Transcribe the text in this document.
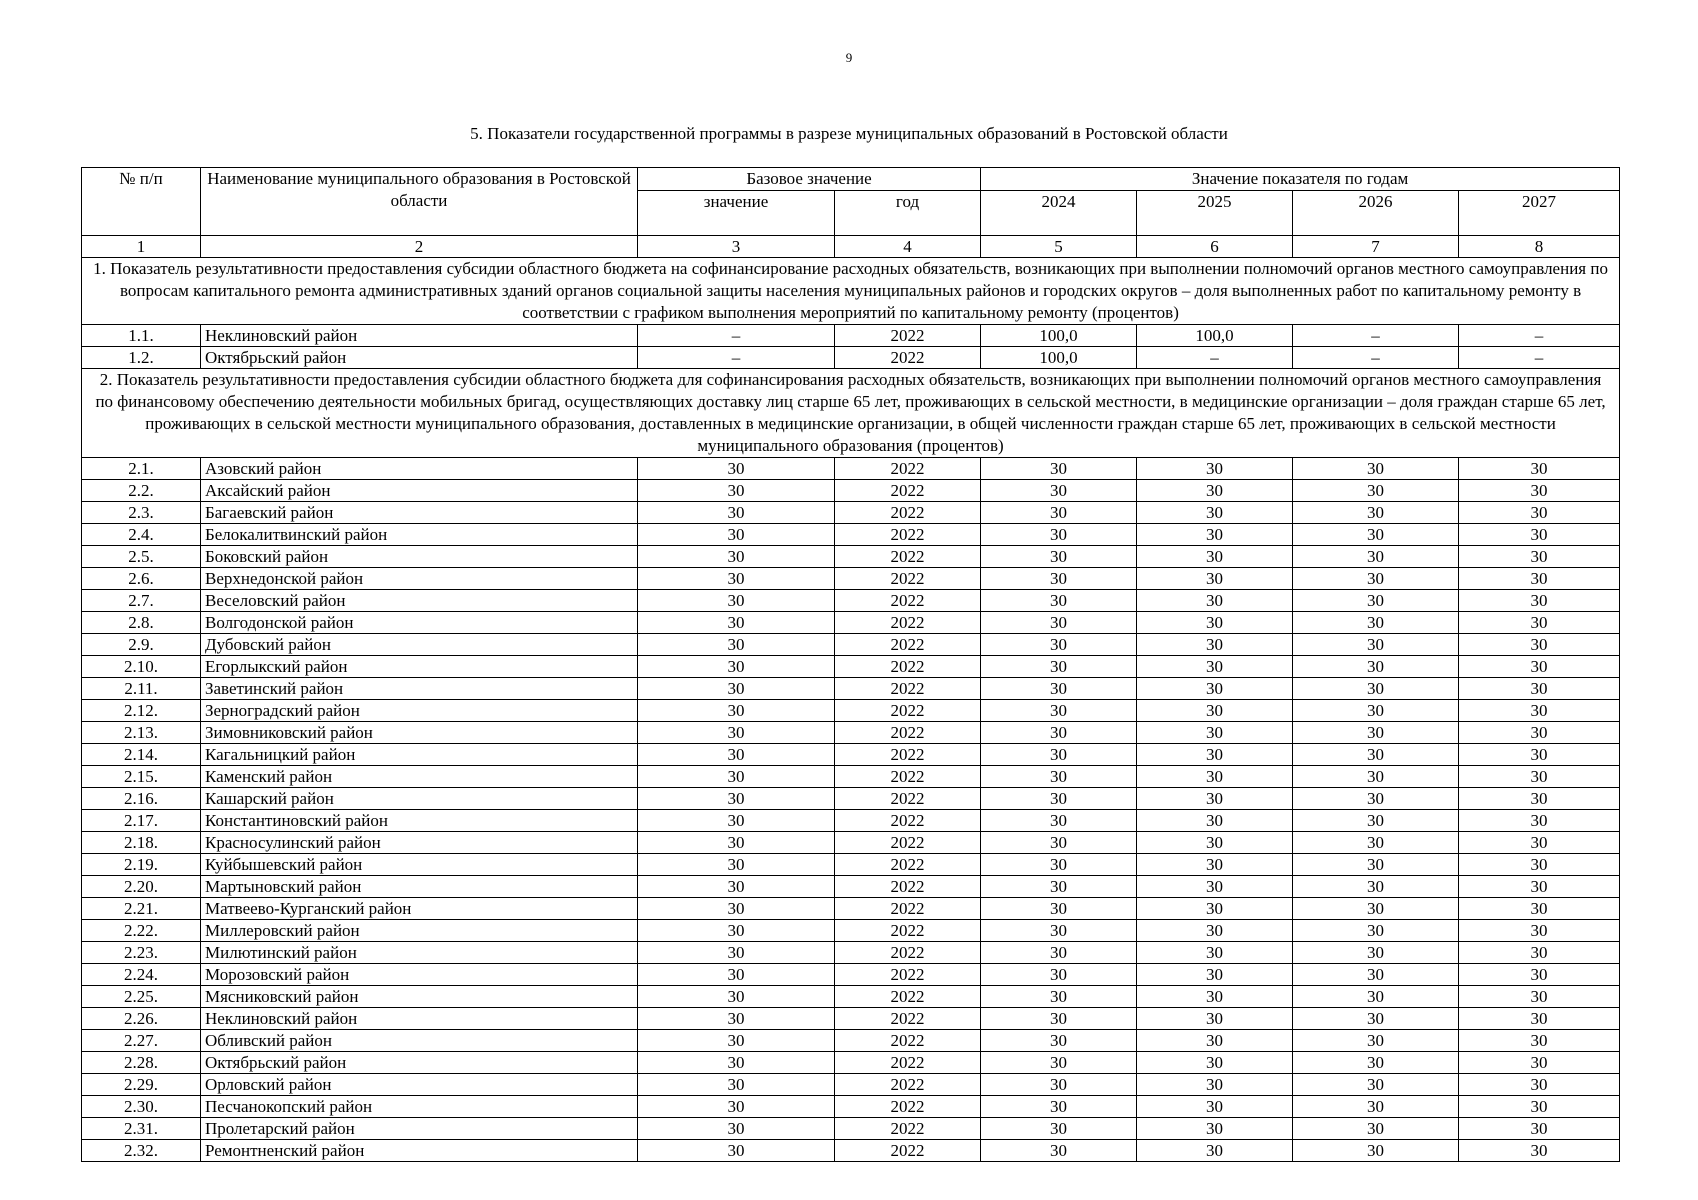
9
5. Показатели государственной программы в разрезе муниципальных образований в Ростовской области
№ п/п	Наименование муниципального образования в Ростовской области	Базовое значение		Значение показателя по годам			
		значение	год	2024	2025	2026	2027
1	2	3	4	5	6	7	8
1. Показатель результативности предоставления субсидии областного бюджета на софинансирование расходных обязательств, возникающих при выполнении полномочий органов местного самоуправления по вопросам капитального ремонта административных зданий органов социальной защиты населения муниципальных районов и городских округов – доля выполненных работ по капитальному ремонту в соответствии с графиком выполнения мероприятий по капитальному ремонту (процентов)							
1.1.	Неклиновский район	–	2022	100,0	100,0	–	–
1.2.	Октябрьский район	–	2022	100,0	–	–	–
2. Показатель результативности предоставления субсидии областного бюджета для софинансирования расходных обязательств, возникающих при выполнении полномочий органов местного самоуправления по финансовому обеспечению деятельности мобильных бригад, осуществляющих доставку лиц старше 65 лет, проживающих в сельской местности, в медицинские организации – доля граждан старше 65 лет, проживающих в сельской местности муниципального образования, доставленных в медицинские организации, в общей численности граждан старше 65 лет, проживающих в сельской местности муниципального образования (процентов)							
2.1.	Азовский район	30	2022	30	30	30	30
2.2.	Аксайский район	30	2022	30	30	30	30
2.3.	Багаевский район	30	2022	30	30	30	30
2.4.	Белокалитвинский район	30	2022	30	30	30	30
2.5.	Боковский район	30	2022	30	30	30	30
2.6.	Верхнедонской район	30	2022	30	30	30	30
2.7.	Веселовский район	30	2022	30	30	30	30
2.8.	Волгодонской район	30	2022	30	30	30	30
2.9.	Дубовский район	30	2022	30	30	30	30
2.10.	Егорлыкский район	30	2022	30	30	30	30
2.11.	Заветинский район	30	2022	30	30	30	30
2.12.	Зерноградский район	30	2022	30	30	30	30
2.13.	Зимовниковский район	30	2022	30	30	30	30
2.14.	Кагальницкий район	30	2022	30	30	30	30
2.15.	Каменский район	30	2022	30	30	30	30
2.16.	Кашарский район	30	2022	30	30	30	30
2.17.	Константиновский район	30	2022	30	30	30	30
2.18.	Красносулинский район	30	2022	30	30	30	30
2.19.	Куйбышевский район	30	2022	30	30	30	30
2.20.	Мартыновский район	30	2022	30	30	30	30
2.21.	Матвеево-Курганский район	30	2022	30	30	30	30
2.22.	Миллеровский район	30	2022	30	30	30	30
2.23.	Милютинский район	30	2022	30	30	30	30
2.24.	Морозовский район	30	2022	30	30	30	30
2.25.	Мясниковский район	30	2022	30	30	30	30
2.26.	Неклиновский район	30	2022	30	30	30	30
2.27.	Обливский район	30	2022	30	30	30	30
2.28.	Октябрьский район	30	2022	30	30	30	30
2.29.	Орловский район	30	2022	30	30	30	30
2.30.	Песчанокопский район	30	2022	30	30	30	30
2.31.	Пролетарский район	30	2022	30	30	30	30
2.32.	Ремонтненский район	30	2022	30	30	30	30
